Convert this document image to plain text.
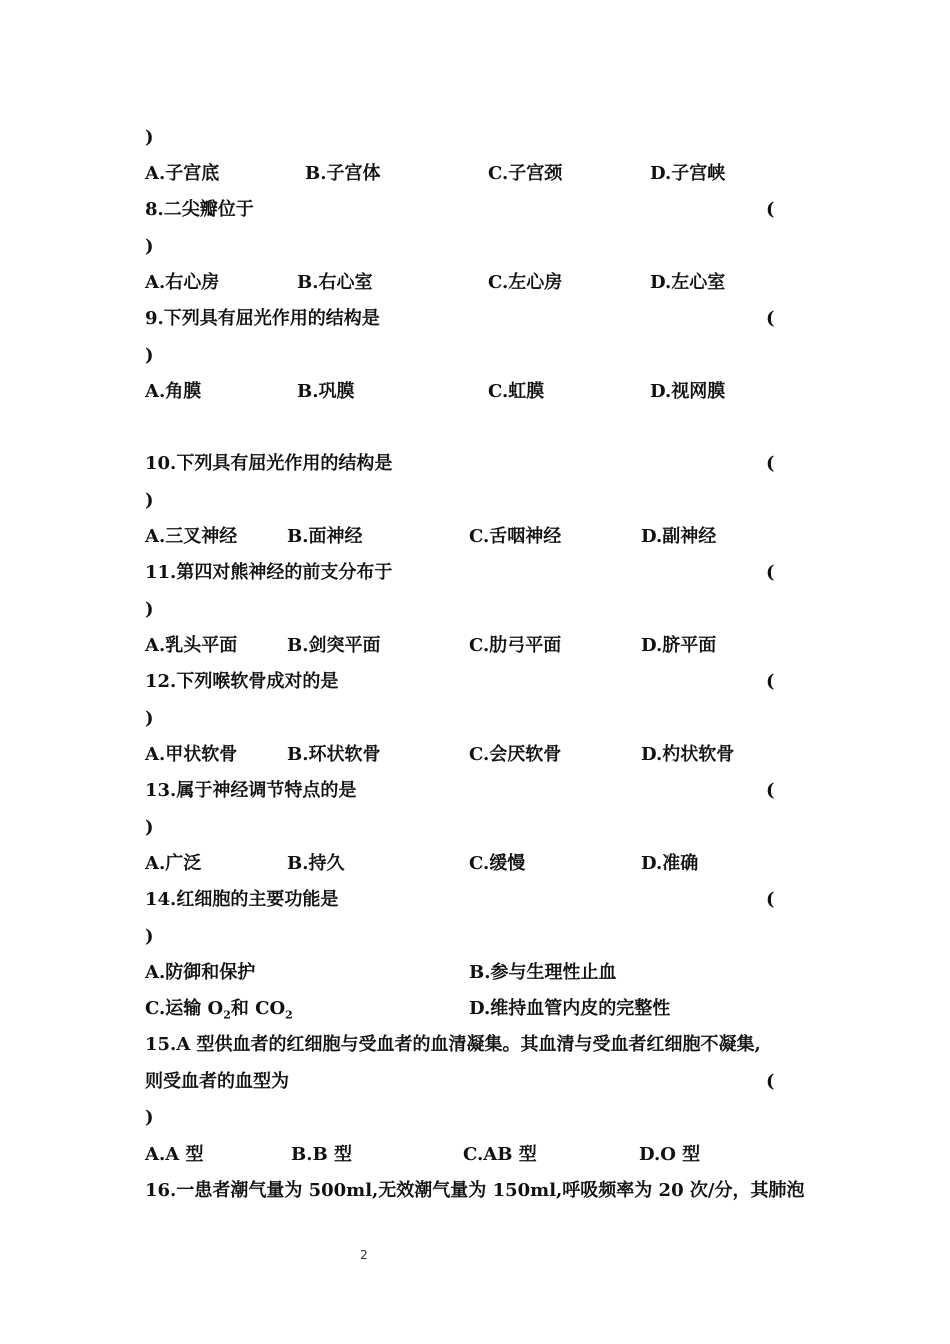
)
A.子宫底	B.子宫体	C.子宫颈	D.子宫峡
8.二尖瓣位于	(
)
A.右心房	B.右心室	C.左心房	D.左心室
9.下列具有屈光作用的结构是	(
)
A.角膜	B.巩膜	C.虹膜	D.视网膜
10.下列具有屈光作用的结构是	(
)
A.三叉神经	B.面神经	C.舌咽神经	D.副神经
11.第四对熊神经的前支分布于	(
)
A.乳头平面	B.剑突平面	C.肋弓平面	D.脐平面
12.下列喉软骨成对的是	(
)
A.甲状软骨	B.环状软骨	C.会厌软骨	D.杓状软骨
13.属于神经调节特点的是	(
)
A.广泛	B.持久	C.缓慢	D.准确
14.红细胞的主要功能是	(
)
A.防御和保护	B.参与生理性止血
C.运输 $O_2$和 $CO_2$	D.维持血管内皮的完整性
15.A 型供血者的红细胞与受血者的血清凝集。其血清与受血者红细胞不凝集,
则受血者的血型为	(
)
A.A 型	B.B 型	C.AB 型	D.O 型
16.一患者潮气量为 500ml,无效潮气量为 150ml,呼吸频率为 20 次/分，其肺泡
2
